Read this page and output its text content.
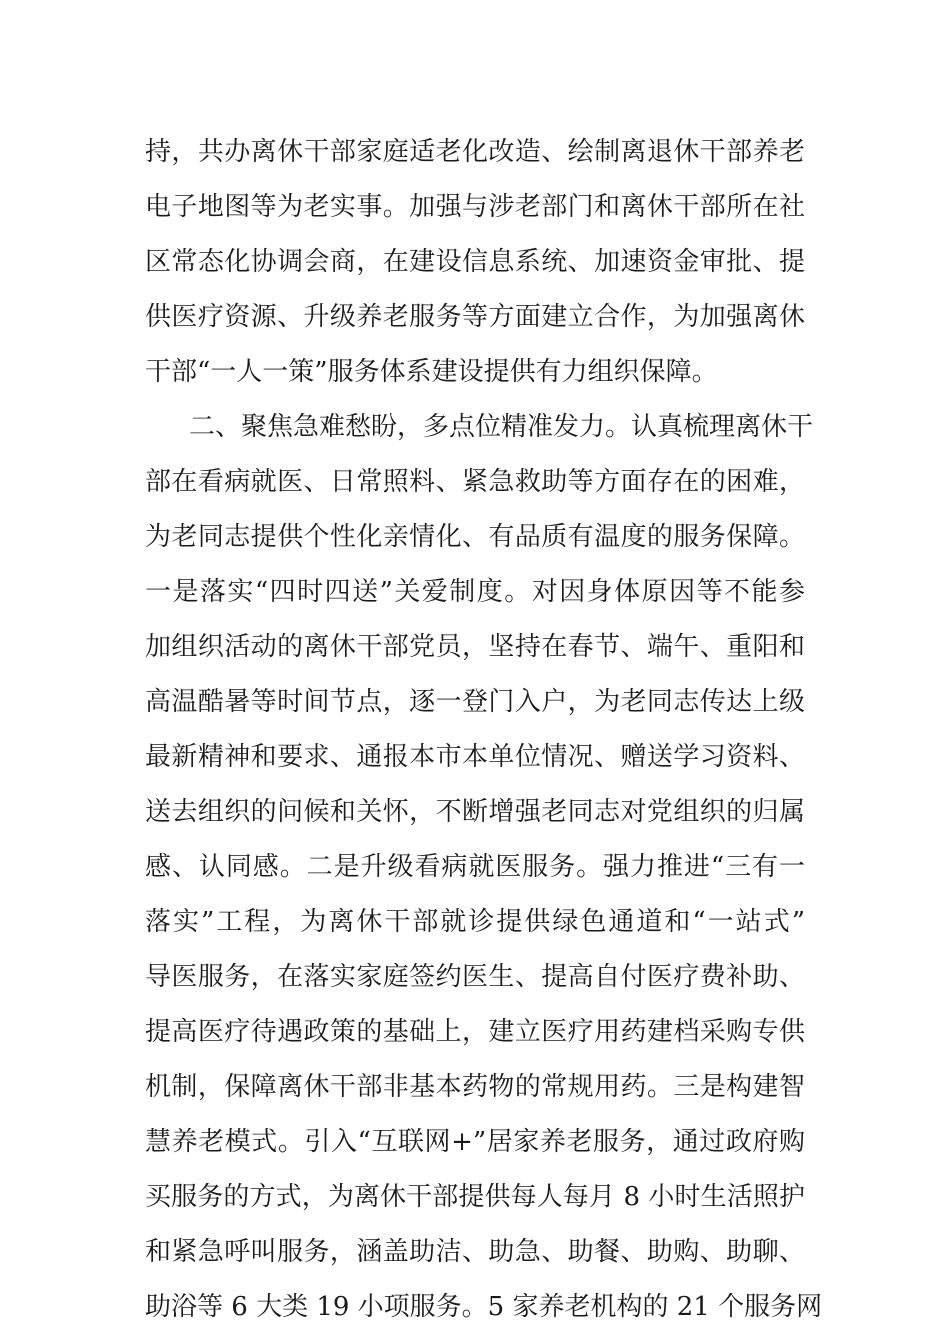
持，共办离休干部家庭适老化改造、绘制离退休干部养老
电子地图等为老实事。加强与涉老部门和离休干部所在社
区常态化协调会商，在建设信息系统、加速资金审批、提
供医疗资源、升级养老服务等方面建立合作，为加强离休
干部“一人一策”服务体系建设提供有力组织保障。
二、聚焦急难愁盼，多点位精准发力。认真梳理离休干
部在看病就医、日常照料、紧急救助等方面存在的困难，
为老同志提供个性化亲情化、有品质有温度的服务保障。
一是落实“四时四送”关爱制度。对因身体原因等不能参
加组织活动的离休干部党员，坚持在春节、端午、重阳和
高温酷暑等时间节点，逐一登门入户，为老同志传达上级
最新精神和要求、通报本市本单位情况、赠送学习资料、
送去组织的问候和关怀，不断增强老同志对党组织的归属
感、认同感。二是升级看病就医服务。强力推进“三有一
落实”工程，为离休干部就诊提供绿色通道和“一站式”
导医服务，在落实家庭签约医生、提高自付医疗费补助、
提高医疗待遇政策的基础上，建立医疗用药建档采购专供
机制，保障离休干部非基本药物的常规用药。三是构建智
慧养老模式。引入“互联网+”居家养老服务，通过政府购
买服务的方式，为离休干部提供每人每月 8 小时生活照护
和紧急呼叫服务，涵盖助洁、助急、助餐、助购、助聊、
助浴等 6 大类 19 小项服务。5 家养老机构的 21 个服务网
